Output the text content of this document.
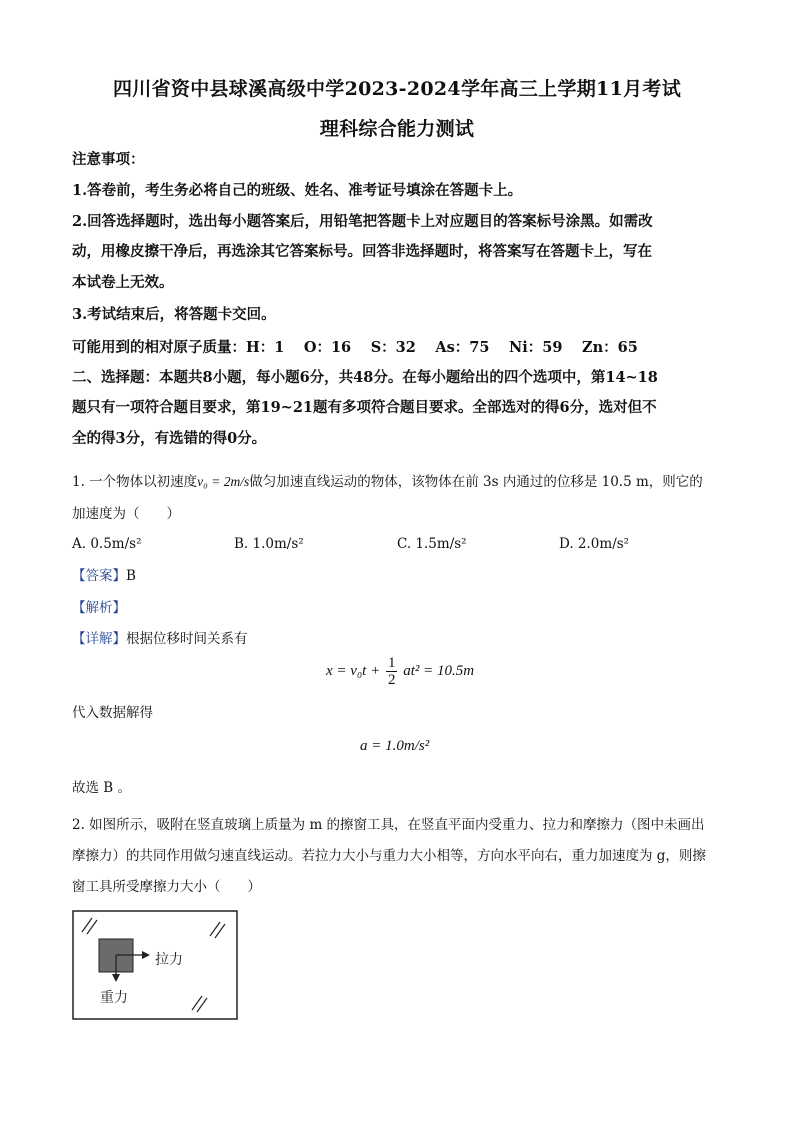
四川省资中县球溪高级中学2023-2024学年高三上学期11月考试
理科综合能力测试
注意事项：
1.答卷前，考生务必将自己的班级、姓名、准考证号填涂在答题卡上。
2.回答选择题时，选出每小题答案后，用铅笔把答题卡上对应题目的答案标号涂黑。如需改
动，用橡皮擦干净后，再选涂其它答案标号。回答非选择题时，将答案写在答题卡上，写在
本试卷上无效。
3.考试结束后，将答题卡交回。
可能用到的相对原子质量：H：1　 O：16　 S：32　 As：75　 Ni：59　 Zn：65
二、选择题：本题共8小题，每小题6分，共48分。在每小题给出的四个选项中，第14~18
题只有一项符合题目要求，第19~21题有多项符合题目要求。全部选对的得6分，选对但不
全的得3分，有选错的得0分。
1. 一个物体以初速度v₀ = 2m/s做匀加速直线运动的物体，该物体在前 3s 内通过的位移是 10.5 m，则它的
加速度为（　　）
A. 0.5m/s²	B. 1.0m/s²	C. 1.5m/s²	D. 2.0m/s²
【答案】B
【解析】
【详解】根据位移时间关系有
$x = v_0t + \frac{1}{2} at^2 = 10.5m$
代入数据解得
a = 1.0m/s²
故选 B 。
2. 如图所示，吸附在竖直玻璃上质量为 m 的擦窗工具，在竖直平面内受重力、拉力和摩擦力（图中未画出
摩擦力）的共同作用做匀速直线运动。若拉力大小与重力大小相等，方向水平向右，重力加速度为 g，则擦
窗工具所受摩擦力大小（　　）
拉力
重力
